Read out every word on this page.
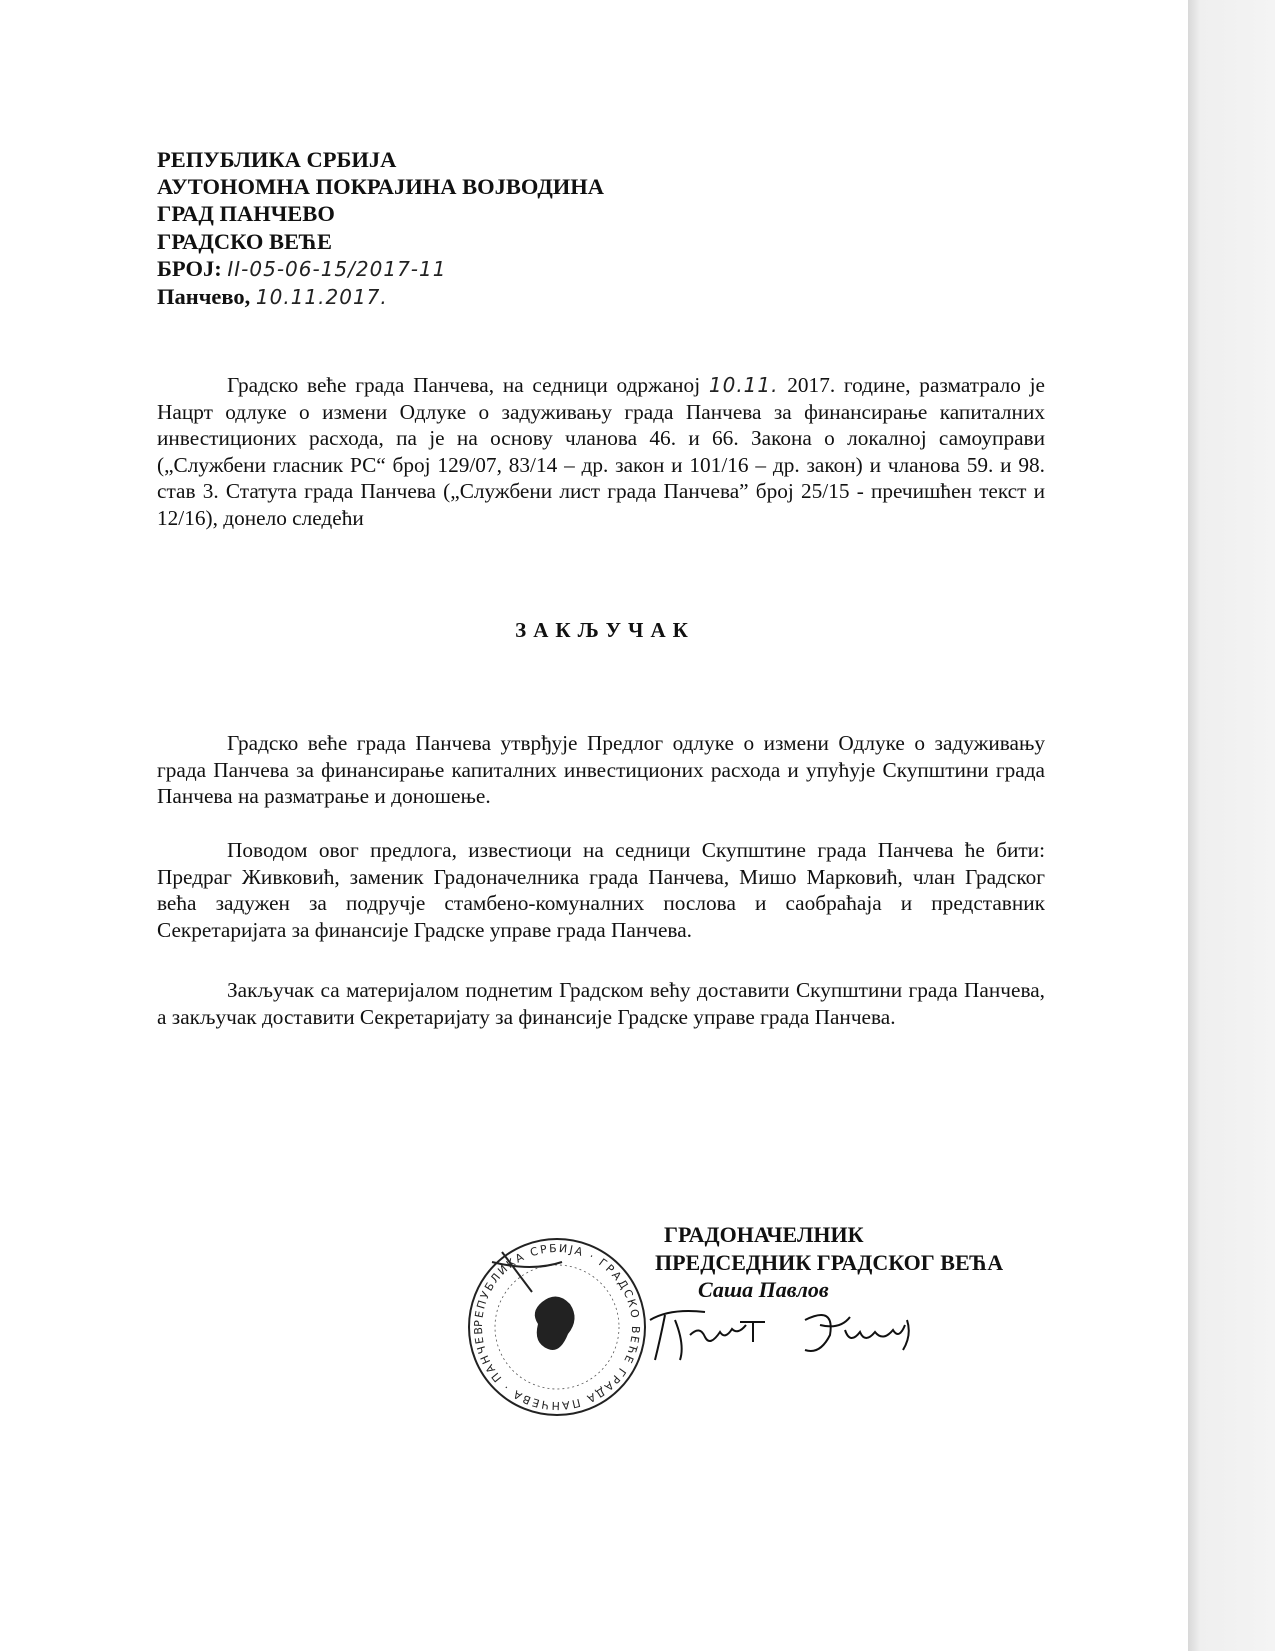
РЕПУБЛИКА СРБИЈА
АУТОНОМНА ПОКРАЈИНА ВОЈВОДИНА
ГРАД ПАНЧЕВО
ГРАДСКО ВЕЋЕ
БРОЈ: II-05-06-15/2017-11
Панчево, 10.11.2017.
Градско веће града Панчева, на седници одржаној 10.11. 2017. године, разматрало је Нацрт одлуке о измени Одлуке о задуживању града Панчева за финансирање капиталних инвестиционих расхода, па је на основу чланова 46. и 66. Закона о локалној самоуправи („Службени гласник РС“ број 129/07, 83/14 – др. закон и 101/16 – др. закон) и чланова 59. и 98. став 3. Статута града Панчева („Службени лист града Панчева” број 25/15 - пречишћен текст и 12/16), донело следећи
ЗАКЉУЧАК
Градско веће града Панчева утврђује Предлог одлуке о измени Одлуке о задуживању града Панчева за финансирање капиталних инвестиционих расхода и упућује Скупштини града Панчева на разматрање и доношење.
Поводом овог предлога, известиоци на седници Скупштине града Панчева ће бити: Предраг Живковић, заменик Градоначелника града Панчева, Мишо Марковић, члан Градског већа задужен за подручје стамбено-комуналних послова и саобраћаја и представник Секретаријата за финансије Градске управе града Панчева.
Закључак са материјалом поднетим Градском већу доставити Скупштини града Панчева, а закључак доставити Секретаријату за финансије Градске управе града Панчева.
ГРАДОНАЧЕЛНИК
ПРЕДСЕДНИК ГРАДСКОГ ВЕЋА
Саша Павлов
РЕПУБЛИКА СРБИЈА · ГРАДСКО ВЕЋЕ ГРАДА ПАНЧЕВА · ПАНЧЕВ
